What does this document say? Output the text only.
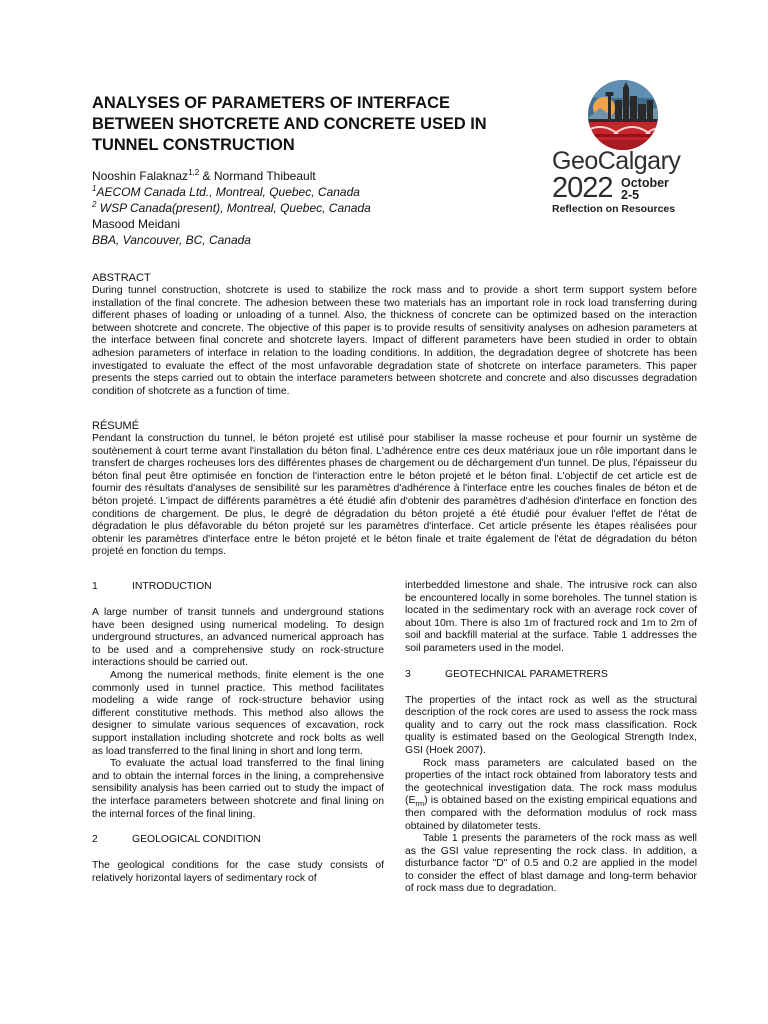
ANALYSES OF PARAMETERS OF INTERFACE BETWEEN SHOTCRETE AND CONCRETE USED IN TUNNEL CONSTRUCTION
Nooshin Falaknaz$^{1,2}$ & Normand Thibeault
$^1$AECOM Canada Ltd., Montreal, Quebec, Canada
$^2$ WSP Canada(present), Montreal, Quebec, Canada
Masood Meidani
BBA, Vancouver, BC, Canada
GeoCalgary
2022 October
2-5
Reflection on Resources
ABSTRACT

During tunnel construction, shotcrete is used to stabilize the rock mass and to provide a short term support system before installation of the final concrete. The adhesion between these two materials has an important role in rock load transferring during different phases of loading or unloading of a tunnel. Also, the thickness of concrete can be optimized based on the interaction between shotcrete and concrete. The objective of this paper is to provide results of sensitivity analyses on adhesion parameters at the interface between final concrete and shotcrete layers. Impact of different parameters have been studied in order to obtain adhesion parameters of interface in relation to the loading conditions. In addition, the degradation degree of shotcrete has been investigated to evaluate the effect of the most unfavorable degradation state of shotcrete on interface parameters. This paper presents the steps carried out to obtain the interface parameters between shotcrete and concrete and also discusses degradation condition of shotcrete as a function of time.

RÉSUMÉ

Pendant la construction du tunnel, le béton projeté est utilisé pour stabiliser la masse rocheuse et pour fournir un système de soutènement à court terme avant l'installation du béton final. L'adhérence entre ces deux matériaux joue un rôle important dans le transfert de charges rocheuses lors des différentes phases de chargement ou de déchargement d'un tunnel. De plus, l'épaisseur du béton final peut être optimisée en fonction de l'interaction entre le béton projeté et le béton final. L'objectif de cet article est de fournir des résultats d'analyses de sensibilité sur les paramètres d'adhérence à l'interface entre les couches finales de béton et de béton projeté. L'impact de différents paramètres a été étudié afin d'obtenir des paramètres d'adhésion d'interface en fonction des conditions de chargement. De plus, le degré de dégradation du béton projeté a été étudié pour évaluer l'effet de l'état de dégradation le plus défavorable du béton projeté sur les paramètres d'interface. Cet article présente les étapes réalisées pour obtenir les paramètres d'interface entre le béton projeté et le béton finale et traite également de l'état de dégradation du béton projeté en fonction du temps.

1	INTRODUCTION

A large number of transit tunnels and underground stations have been designed using numerical modeling. To design underground structures, an advanced numerical approach has to be used and a comprehensive study on rock-structure interactions should be carried out.

Among the numerical methods, finite element is the one commonly used in tunnel practice. This method facilitates modeling a wide range of rock-structure behavior using different constitutive methods. This method also allows the designer to simulate various sequences of excavation, rock support installation including shotcrete and rock bolts as well as load transferred to the final lining in short and long term.

To evaluate the actual load transferred to the final lining and to obtain the internal forces in the lining, a comprehensive sensibility analysis has been carried out to study the impact of the interface parameters between shotcrete and final lining on the internal forces of the final lining.

2	GEOLOGICAL CONDITION

The geological conditions for the case study consists of relatively horizontal layers of sedimentary rock of

interbedded limestone and shale. The intrusive rock can also be encountered locally in some boreholes. The tunnel station is located in the sedimentary rock with an average rock cover of about 10m. There is also 1m of fractured rock and 1m to 2m of soil and backfill material at the surface. Table 1 addresses the soil parameters used in the model.

3	GEOTECHNICAL PARAMETRERS

The properties of the intact rock as well as the structural description of the rock cores are used to assess the rock mass quality and to carry out the rock mass classification. Rock quality is estimated based on the Geological Strength Index, GSI (Hoek 2007).

Rock mass parameters are calculated based on the properties of the intact rock obtained from laboratory tests and the geotechnical investigation data. The rock mass modulus $(E_{rm})$ is obtained based on the existing empirical equations and then compared with the deformation modulus of rock mass obtained by dilatometer tests.

Table 1 presents the parameters of the rock mass as well as the GSI value representing the rock class. In addition, a disturbance factor "D" of 0.5 and 0.2 are applied in the model to consider the effect of blast damage and long-term behavior of rock mass due to degradation.
